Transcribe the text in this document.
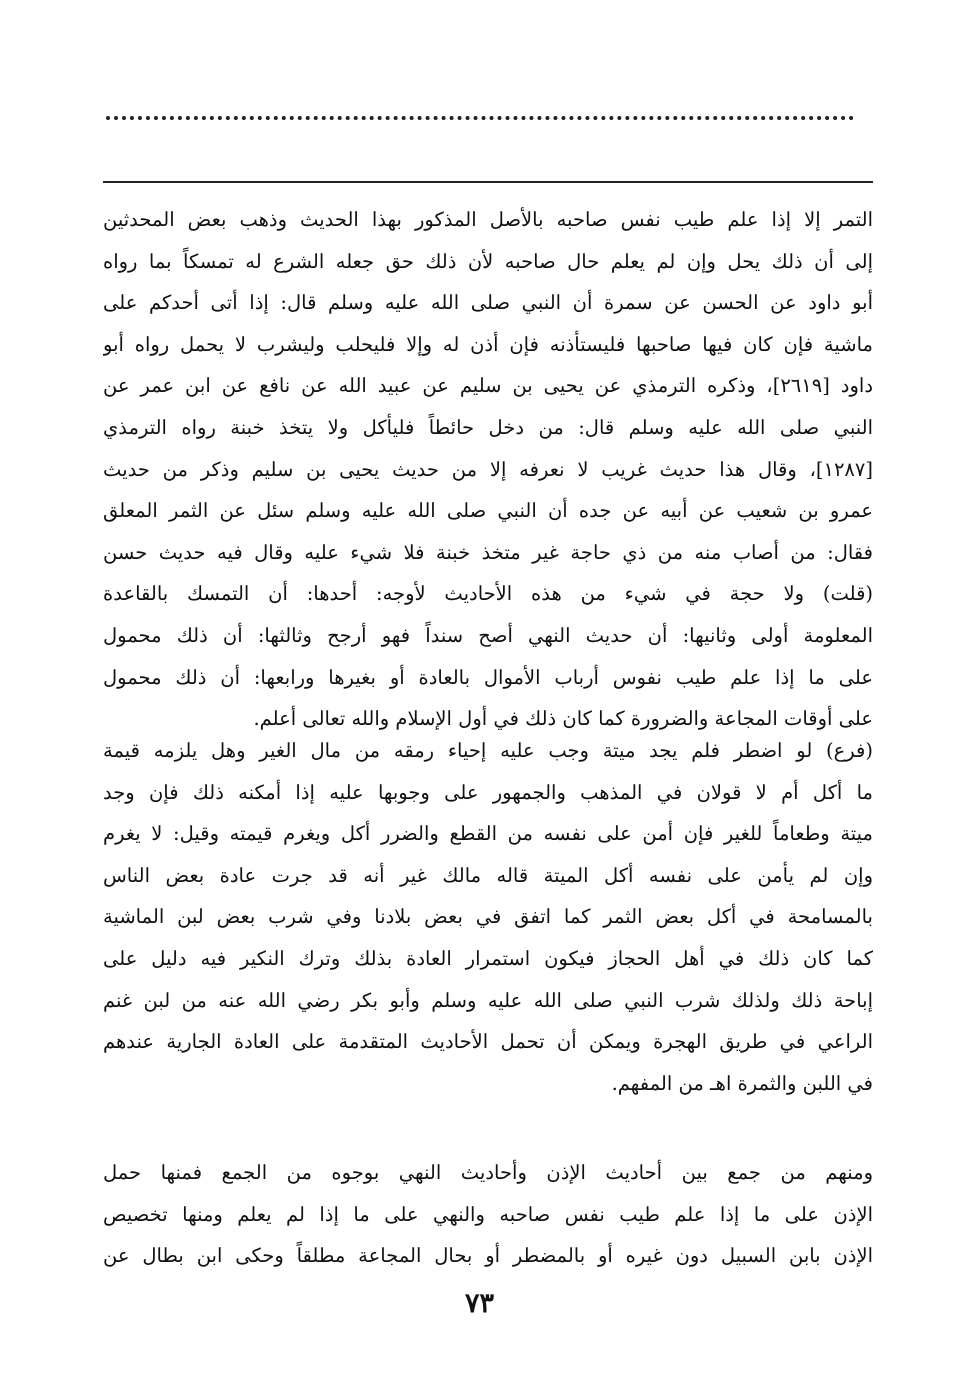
التمر إلا إذا علم طيب نفس صاحبه بالأصل المذكور بهذا الحديث وذهب بعض المحدثين
إلى أن ذلك يحل وإن لم يعلم حال صاحبه لأن ذلك حق جعله الشرع له تمسكاً بما رواه
أبو داود عن الحسن عن سمرة أن النبي صلى الله عليه وسلم قال: إذا أتى أحدكم على
ماشية فإن كان فيها صاحبها فليستأذنه فإن أذن له وإلا فليحلب وليشرب لا يحمل رواه أبو
داود [٢٦١٩]، وذكره الترمذي عن يحيى بن سليم عن عبيد الله عن نافع عن ابن عمر عن
النبي صلى الله عليه وسلم قال: من دخل حائطاً فليأكل ولا يتخذ خبنة رواه الترمذي
[١٢٨٧]، وقال هذا حديث غريب لا نعرفه إلا من حديث يحيى بن سليم وذكر من حديث
عمرو بن شعيب عن أبيه عن جده أن النبي صلى الله عليه وسلم سئل عن الثمر المعلق
فقال: من أصاب منه من ذي حاجة غير متخذ خبنة فلا شيء عليه وقال فيه حديث حسن
(قلت) ولا حجة في شيء من هذه الأحاديث لأوجه: أحدها: أن التمسك بالقاعدة
المعلومة أولى وثانيها: أن حديث النهي أصح سنداً فهو أرجح وثالثها: أن ذلك محمول
على ما إذا علم طيب نفوس أرباب الأموال بالعادة أو بغيرها ورابعها: أن ذلك محمول
على أوقات المجاعة والضرورة كما كان ذلك في أول الإسلام والله تعالى أعلم.
(فرع) لو اضطر فلم يجد ميتة وجب عليه إحياء رمقه من مال الغير وهل يلزمه قيمة
ما أكل أم لا قولان في المذهب والجمهور على وجوبها عليه إذا أمكنه ذلك فإن وجد
ميتة وطعاماً للغير فإن أمن على نفسه من القطع والضرر أكل ويغرم قيمته وقيل: لا يغرم
وإن لم يأمن على نفسه أكل الميتة قاله مالك غير أنه قد جرت عادة بعض الناس
بالمسامحة في أكل بعض الثمر كما اتفق في بعض بلادنا وفي شرب بعض لبن الماشية
كما كان ذلك في أهل الحجاز فيكون استمرار العادة بذلك وترك النكير فيه دليل على
إباحة ذلك ولذلك شرب النبي صلى الله عليه وسلم وأبو بكر رضي الله عنه من لبن غنم
الراعي في طريق الهجرة ويمكن أن تحمل الأحاديث المتقدمة على العادة الجارية عندهم
في اللبن والثمرة اهـ من المفهم.
ومنهم من جمع بين أحاديث الإذن وأحاديث النهي بوجوه من الجمع فمنها حمل
الإذن على ما إذا علم طيب نفس صاحبه والنهي على ما إذا لم يعلم ومنها تخصيص
الإذن بابن السبيل دون غيره أو بالمضطر أو بحال المجاعة مطلقاً وحكى ابن بطال عن
٧٣
